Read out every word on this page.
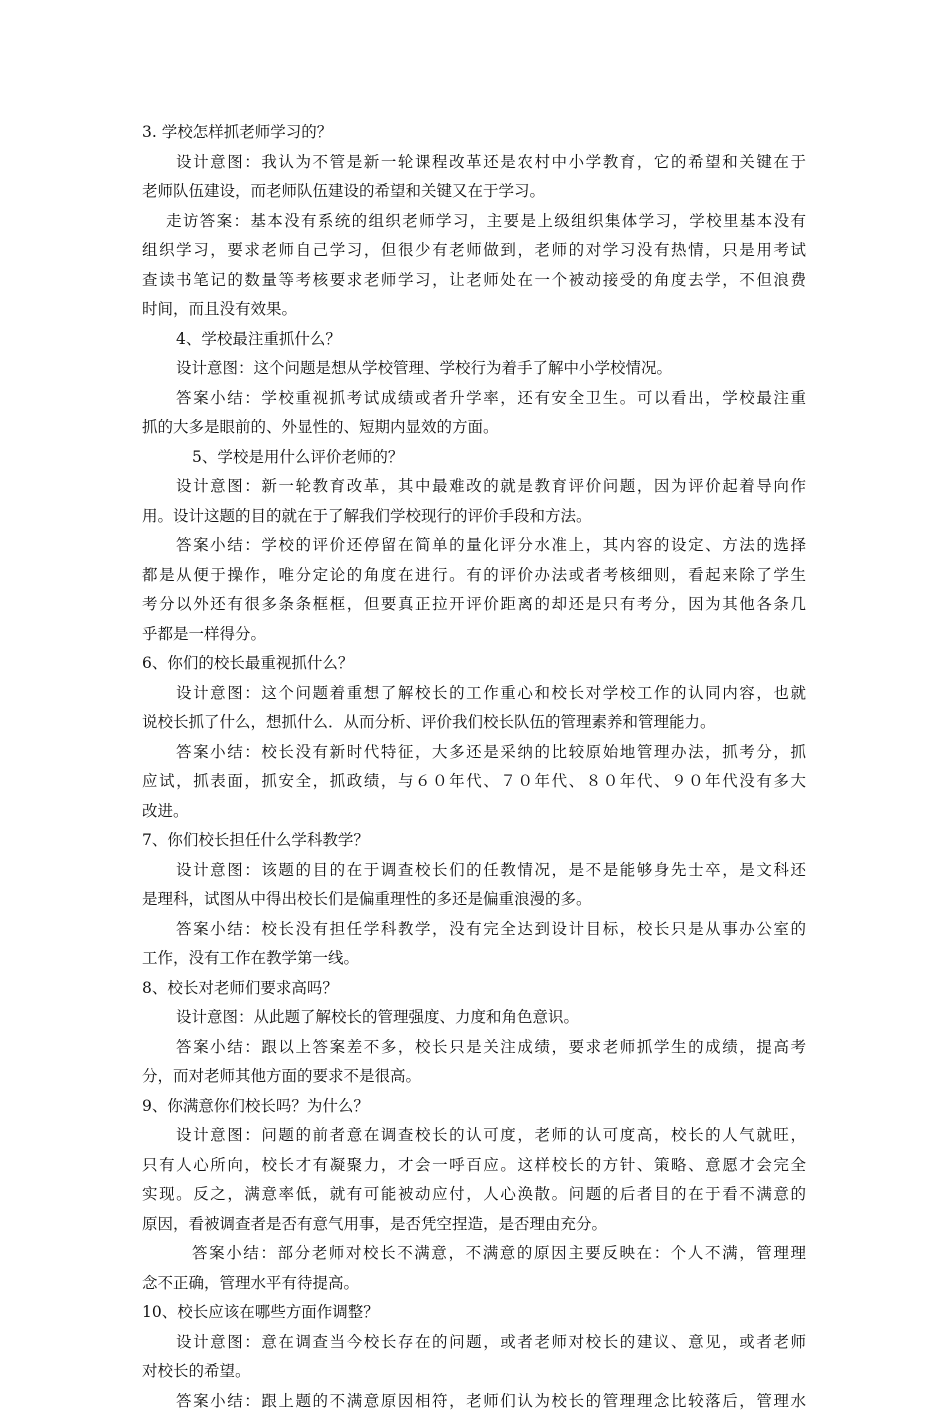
3. 学校怎样抓老师学习的？
设计意图：我认为不管是新一轮课程改革还是农村中小学教育，它的希望和关键在于
老师队伍建设，而老师队伍建设的希望和关键又在于学习。
走访答案：基本没有系统的组织老师学习，主要是上级组织集体学习，学校里基本没有
组织学习，要求老师自己学习，但很少有老师做到，老师的对学习没有热情，只是用考试
查读书笔记的数量等考核要求老师学习，让老师处在一个被动接受的角度去学，不但浪费
时间，而且没有效果。
4、学校最注重抓什么？
设计意图：这个问题是想从学校管理、学校行为着手了解中小学校情况。
答案小结：学校重视抓考试成绩或者升学率，还有安全卫生。可以看出，学校最注重
抓的大多是眼前的、外显性的、短期内显效的方面。
5、学校是用什么评价老师的？
设计意图：新一轮教育改革，其中最难改的就是教育评价问题，因为评价起着导向作
用。设计这题的目的就在于了解我们学校现行的评价手段和方法。
答案小结：学校的评价还停留在简单的量化评分水准上，其内容的设定、方法的选择
都是从便于操作，唯分定论的角度在进行。有的评价办法或者考核细则，看起来除了学生
考分以外还有很多条条框框，但要真正拉开评价距离的却还是只有考分，因为其他各条几
乎都是一样得分。
6、你们的校长最重视抓什么？
设计意图：这个问题着重想了解校长的工作重心和校长对学校工作的认同内容，也就
说校长抓了什么，想抓什么．从而分析、评价我们校长队伍的管理素养和管理能力。
答案小结：校长没有新时代特征，大多还是采纳的比较原始地管理办法，抓考分，抓
应试，抓表面，抓安全，抓政绩，与６０年代、７０年代、８０年代、９０年代没有多大
改进。
7、你们校长担任什么学科教学？
设计意图：该题的目的在于调查校长们的任教情况，是不是能够身先士卒，是文科还
是理科，试图从中得出校长们是偏重理性的多还是偏重浪漫的多。
答案小结：校长没有担任学科教学，没有完全达到设计目标，校长只是从事办公室的
工作，没有工作在教学第一线。
8、校长对老师们要求高吗？
设计意图：从此题了解校长的管理强度、力度和角色意识。
答案小结：跟以上答案差不多，校长只是关注成绩，要求老师抓学生的成绩，提高考
分，而对老师其他方面的要求不是很高。
9、你满意你们校长吗？为什么？
设计意图：问题的前者意在调查校长的认可度，老师的认可度高，校长的人气就旺，
只有人心所向，校长才有凝聚力，才会一呼百应。这样校长的方针、策略、意愿才会完全
实现。反之，满意率低，就有可能被动应付，人心涣散。问题的后者目的在于看不满意的
原因，看被调查者是否有意气用事，是否凭空捏造，是否理由充分。
答案小结：部分老师对校长不满意，不满意的原因主要反映在：个人不满，管理理
念不正确，管理水平有待提高。
10、校长应该在哪些方面作调整？
设计意图：意在调查当今校长存在的问题，或者老师对校长的建议、意见，或者老师
对校长的希望。
答案小结：跟上题的不满意原因相符，老师们认为校长的管理理念比较落后，管理水
